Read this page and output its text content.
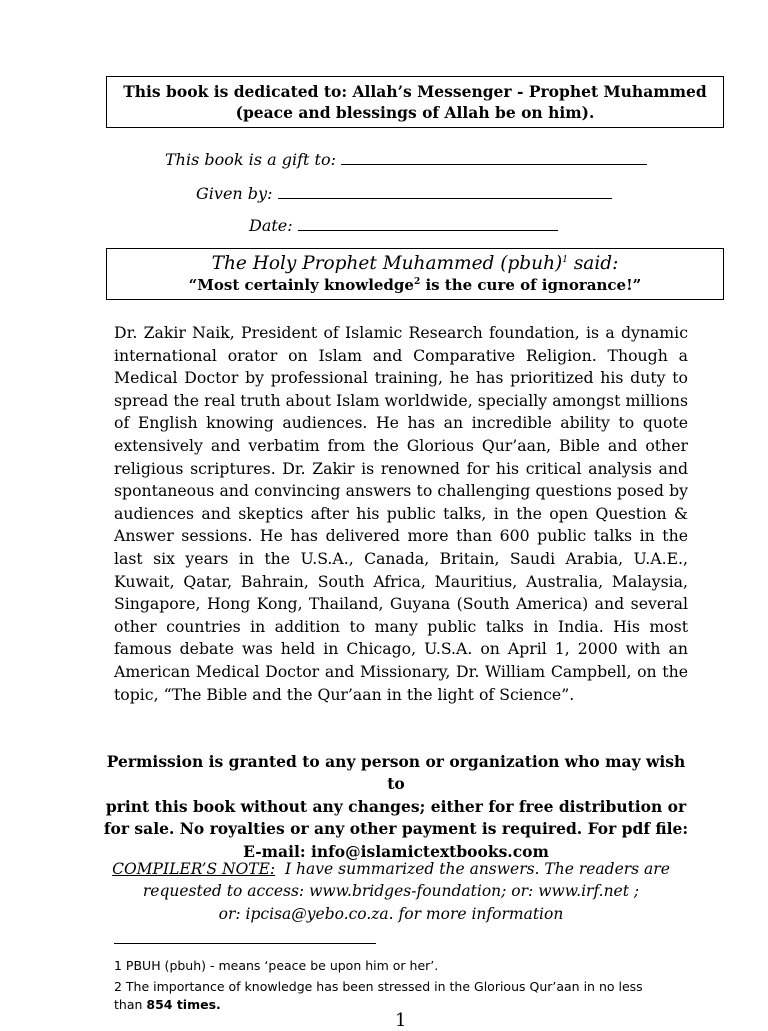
This book is dedicated to: Allah’s Messenger - Prophet Muhammed
(peace and blessings of Allah be on him).
This book is a gift to:
Given by:
Date:
The Holy Prophet Muhammed (pbuh)$^1$ said:
“Most certainly knowledge$^2$ is the cure of ignorance!”

Dr. Zakir Naik, President of Islamic Research foundation, is a dynamic international orator on Islam and Comparative Religion. Though a Medical Doctor by professional training, he has prioritized his duty to spread the real truth about Islam worldwide, specially amongst millions of English knowing audiences. He has an incredible ability to quote extensively and verbatim from the Glorious Qur’aan, Bible and other religious scriptures. Dr. Zakir is renowned for his critical analysis and spontaneous and convincing answers to challenging questions posed by audiences and skeptics after his public talks, in the open Question & Answer sessions. He has delivered more than 600 public talks in the last six years in the U.S.A., Canada, Britain, Saudi Arabia, U.A.E., Kuwait, Qatar, Bahrain, South Africa, Mauritius, Australia, Malaysia, Singapore, Hong Kong, Thailand, Guyana (South America) and several other countries in addition to many public talks in India. His most famous debate was held in Chicago, U.S.A. on April 1, 2000 with an American Medical Doctor and Missionary, Dr. William Campbell, on the topic, “The Bible and the Qur’aan in the light of Science”.

Permission is granted to any person or organization who may wish to
print this book without any changes; either for free distribution or
for sale. No royalties or any other payment is required. For pdf file:
E-mail: info@islamictextbooks.com
COMPILER’S NOTE:  I have summarized the answers. The readers are
requested to access: www.bridges-foundation; or: www.irf.net ;
or: ipcisa@yebo.co.za. for more information

1 PBUH (pbuh) - means ‘peace be upon him or her’.

2 The importance of knowledge has been stressed in the Glorious Qur’aan in no less
than 854 times.
1
